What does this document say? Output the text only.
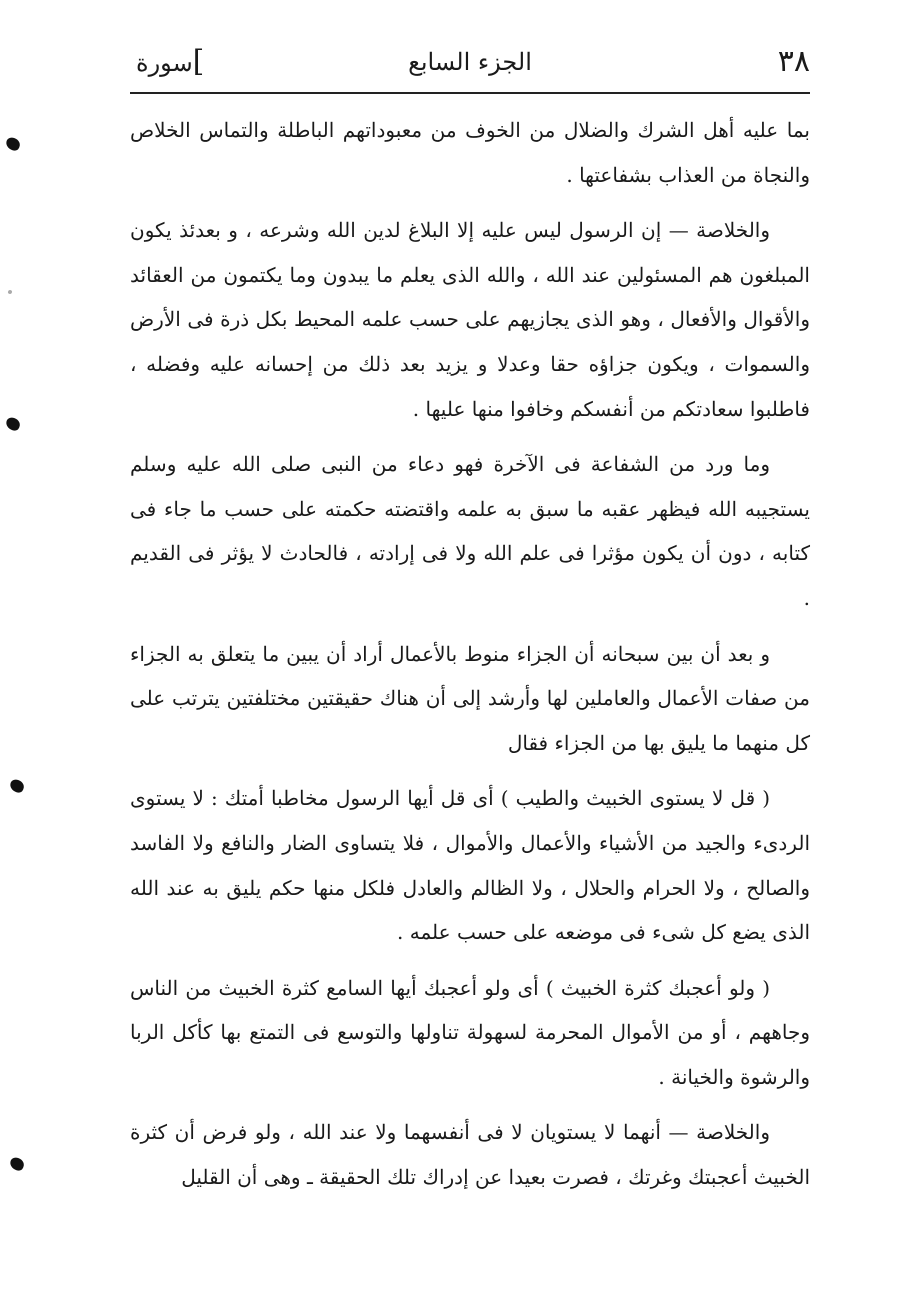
٣٨
الجزء السابع
]سورة

بما عليه أهل الشرك والضلال من الخوف من معبوداتهم الباطلة والتماس الخلاص والنجاة من العذاب بشفاعتها .

والخلاصة — إن الرسول ليس عليه إلا البلاغ لدين الله وشرعه ، و بعدئذ يكون المبلغون هم المسئولين عند الله ، والله الذى يعلم ما يبدون وما يكتمون من العقائد والأقوال والأفعال ، وهو الذى يجازيهم على حسب علمه المحيط بكل ذرة فى الأرض والسموات ، ويكون جزاؤه حقا وعدلا و يزيد بعد ذلك من إحسانه عليه وفضله ، فاطلبوا سعادتكم من أنفسكم وخافوا منها عليها .

وما ورد من الشفاعة فى الآخرة فهو دعاء من النبى صلى الله عليه وسلم يستجيبه الله فيظهر عقبه ما سبق به علمه واقتضته حكمته على حسب ما جاء فى كتابه ، دون أن يكون مؤثرا فى علم الله ولا فى إرادته ، فالحادث لا يؤثر فى القديم .

و بعد أن بين سبحانه أن الجزاء منوط بالأعمال أراد أن يبين ما يتعلق به الجزاء من صفات الأعمال والعاملين لها وأرشد إلى أن هناك حقيقتين مختلفتين يترتب على كل منهما ما يليق بها من الجزاء فقال

( قل لا يستوى الخبيث والطيب ) أى قل أيها الرسول مخاطبا أمتك : لا يستوى الردىء والجيد من الأشياء والأعمال والأموال ، فلا يتساوى الضار والنافع ولا الفاسد والصالح ، ولا الحرام والحلال ، ولا الظالم والعادل فلكل منها حكم يليق به عند الله الذى يضع كل شىء فى موضعه على حسب علمه .

( ولو أعجبك كثرة الخبيث ) أى ولو أعجبك أيها السامع كثرة الخبيث من الناس وجاههم ، أو من الأموال المحرمة لسهولة تناولها والتوسع فى التمتع بها كأكل الربا والرشوة والخيانة .

والخلاصة — أنهما لا يستويان لا فى أنفسهما ولا عند الله ، ولو فرض أن كثرة الخبيث أعجبتك وغرتك ، فصرت بعيدا عن إدراك تلك الحقيقة ـ وهى أن القليل
